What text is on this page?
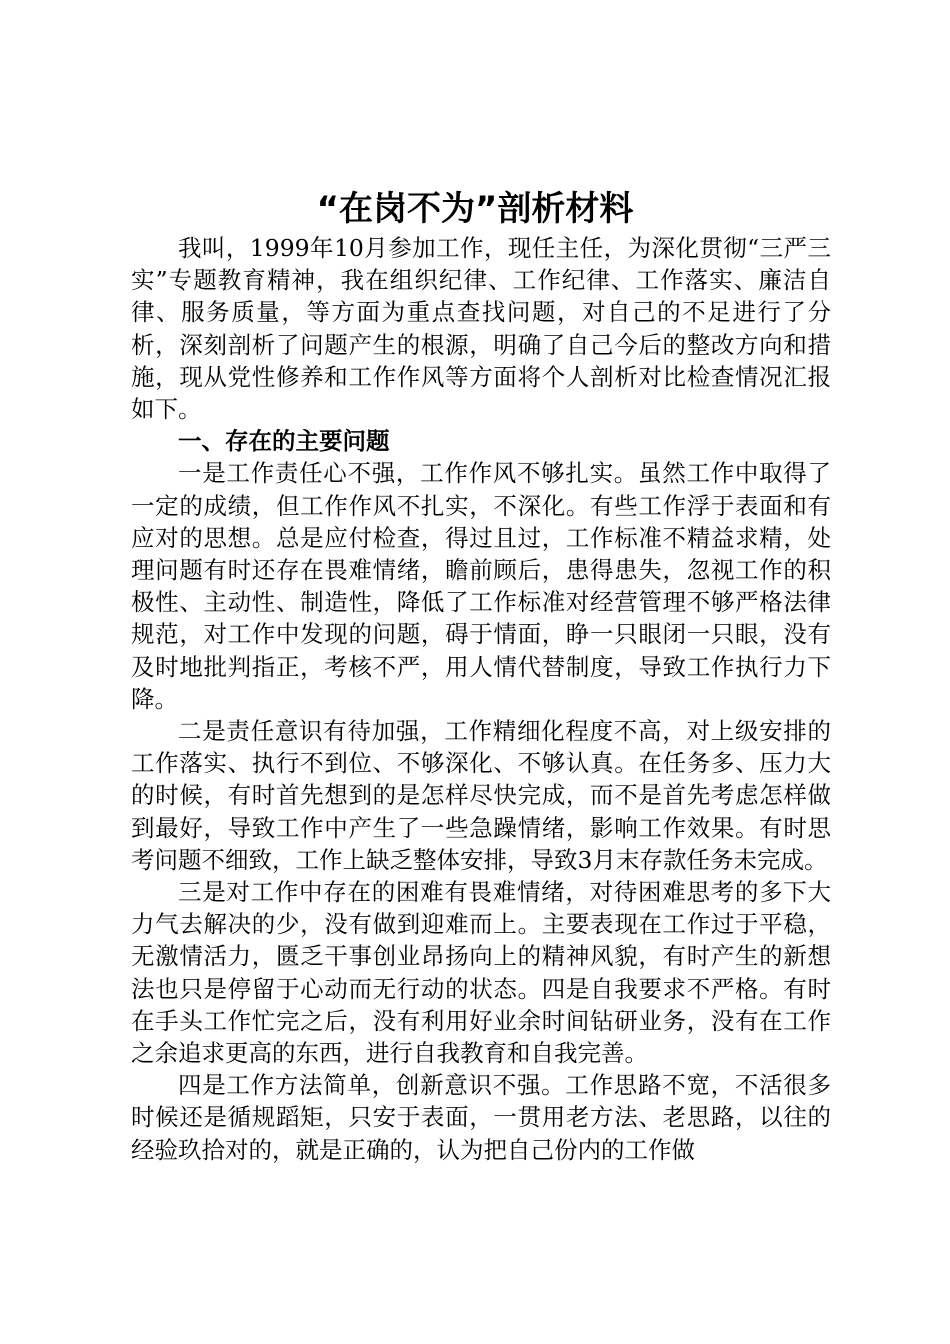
“在岗不为”剖析材料

我叫，1999年10月参加工作，现任主任，为深化贯彻“三严三实”专题教育精神，我在组织纪律、工作纪律、工作落实、廉洁自律、服务质量，等方面为重点查找问题，对自己的不足进行了分析，深刻剖析了问题产生的根源，明确了自己今后的整改方向和措施，现从党性修养和工作作风等方面将个人剖析对比检查情况汇报如下。

一、存在的主要问题

一是工作责任心不强，工作作风不够扎实。虽然工作中取得了一定的成绩，但工作作风不扎实，不深化。有些工作浮于表面和有应对的思想。总是应付检查，得过且过，工作标准不精益求精，处理问题有时还存在畏难情绪，瞻前顾后，患得患失，忽视工作的积极性、主动性、制造性，降低了工作标准对经营管理不够严格法律规范，对工作中发现的问题，碍于情面，睁一只眼闭一只眼，没有及时地批判指正，考核不严，用人情代替制度，导致工作执行力下降。

二是责任意识有待加强，工作精细化程度不高，对上级安排的工作落实、执行不到位、不够深化、不够认真。在任务多、压力大的时候，有时首先想到的是怎样尽快完成，而不是首先考虑怎样做到最好，导致工作中产生了一些急躁情绪，影响工作效果。有时思考问题不细致，工作上缺乏整体安排，导致3月末存款任务未完成。

三是对工作中存在的困难有畏难情绪，对待困难思考的多下大力气去解决的少，没有做到迎难而上。主要表现在工作过于平稳，无激情活力，匮乏干事创业昂扬向上的精神风貌，有时产生的新想法也只是停留于心动而无行动的状态。四是自我要求不严格。有时在手头工作忙完之后，没有利用好业余时间钻研业务，没有在工作之余追求更高的东西，进行自我教育和自我完善。

四是工作方法简单，创新意识不强。工作思路不宽，不活很多时候还是循规蹈矩，只安于表面，一贯用老方法、老思路，以往的经验玖拾对的，就是正确的，认为把自己份内的工作做
